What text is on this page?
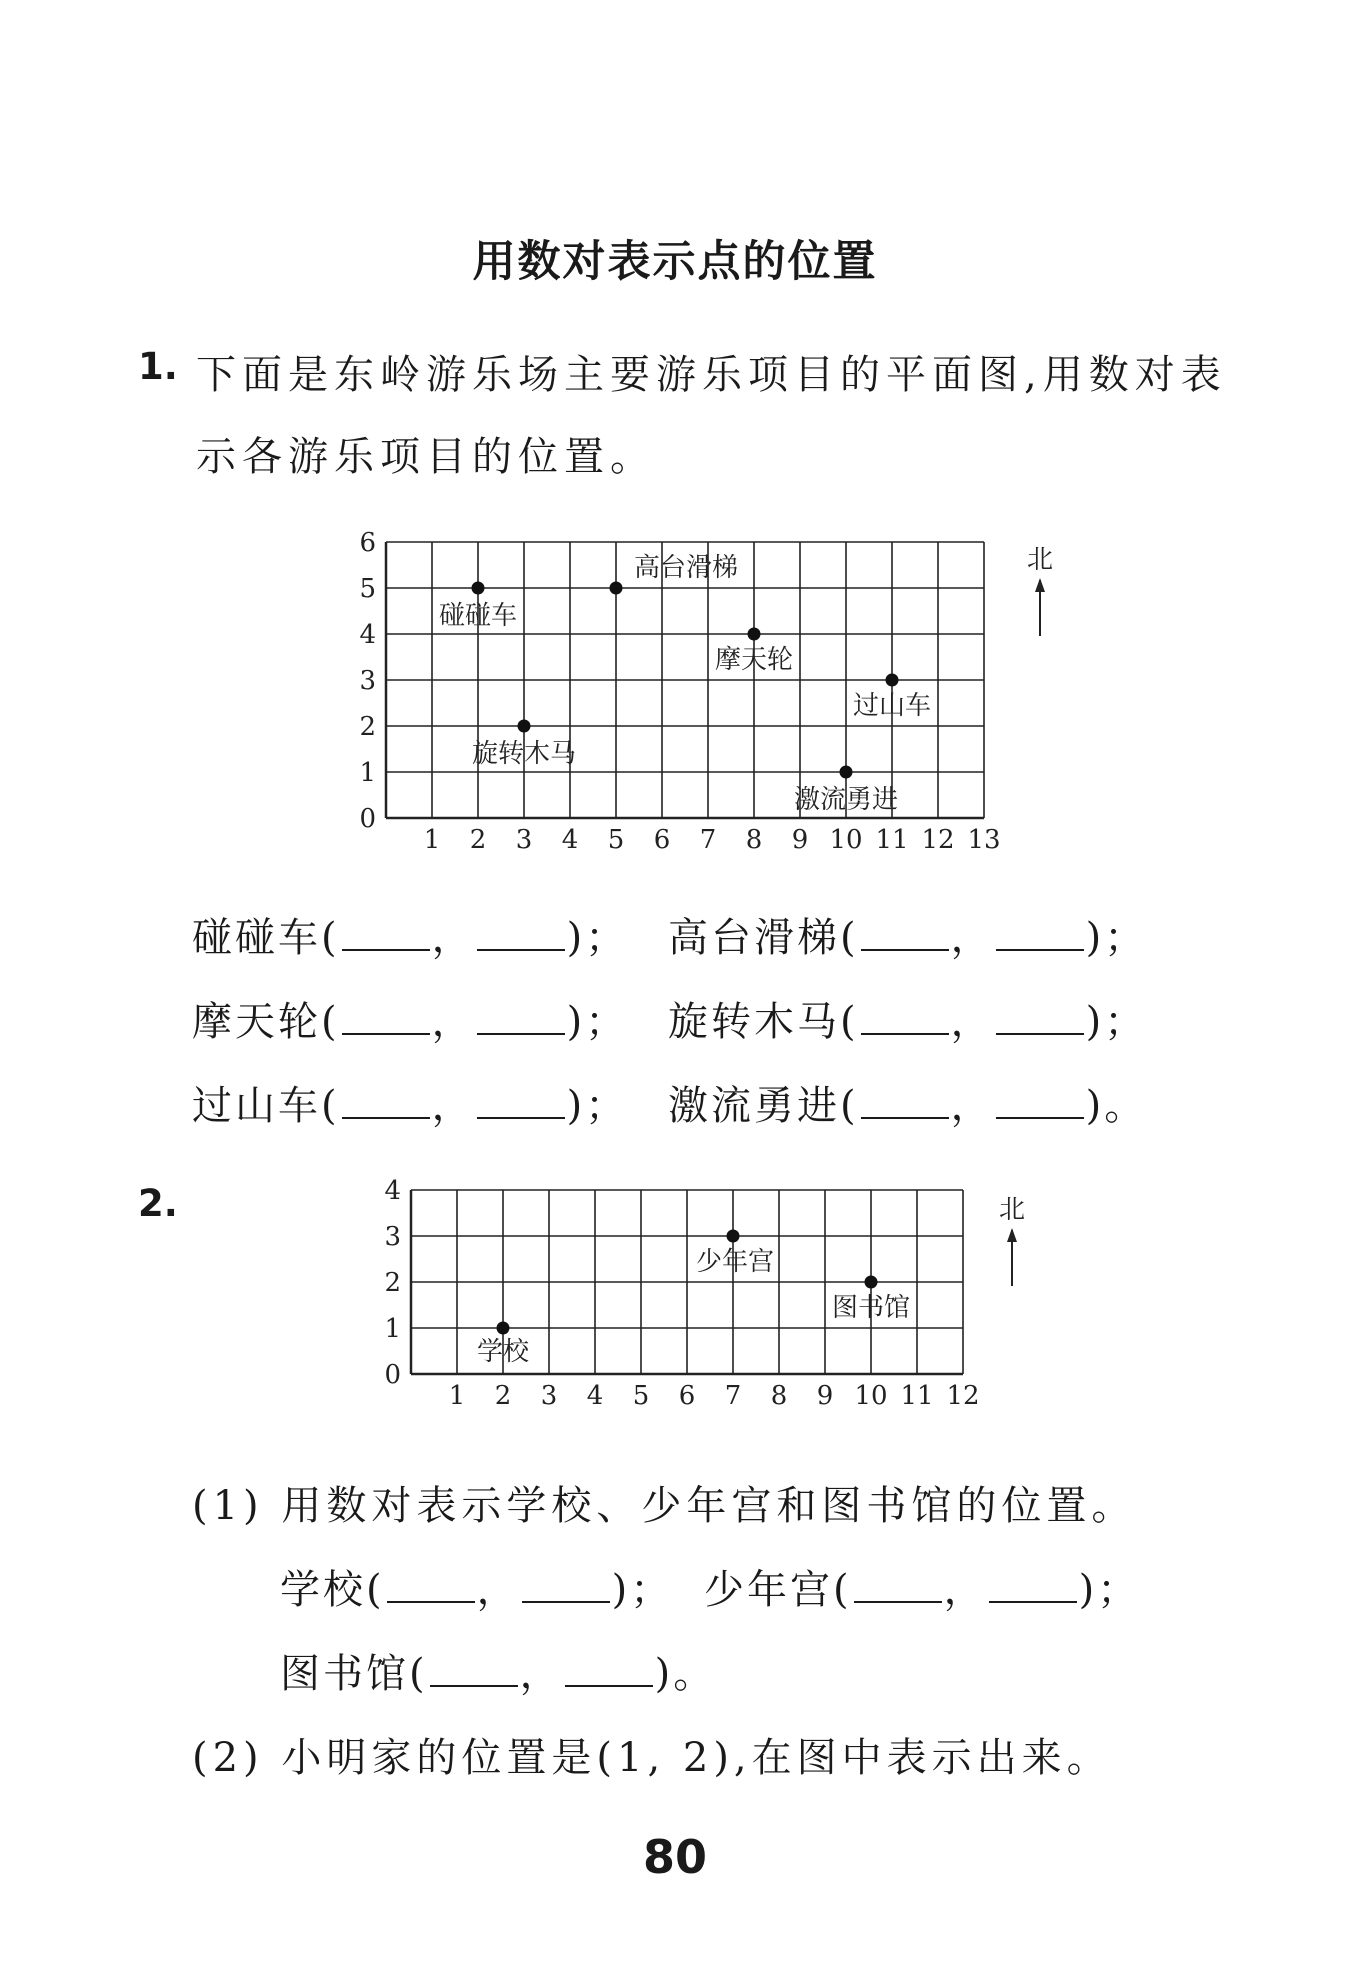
用数对表示点的位置
1. 下面是东岭游乐场主要游乐项目的平面图,用数对表
示各游乐项目的位置。
1 2 3 4 5 6 7 8 9 10 11 12 13
0
1
2
3
4
5
6
碰碰车
高台滑梯
摩天轮
过山车
旋转木马
激流勇进
北
1 2 3 4 5 6 7 8 9 10 11 12
0
1
2
3
4
学校
少年宫
图书馆
北
碰碰车( ， )； 高台滑梯( ， )；
摩天轮( ， )； 旋转木马( ， )；
过山车( ， )； 激流勇进( ， )。
2.
(1) 用数对表示学校、少年宫和图书馆的位置。
学校( ， )； 少年宫( ， )；
图书馆( ， )。
(2) 小明家的位置是(1, 2),在图中表示出来。
80
